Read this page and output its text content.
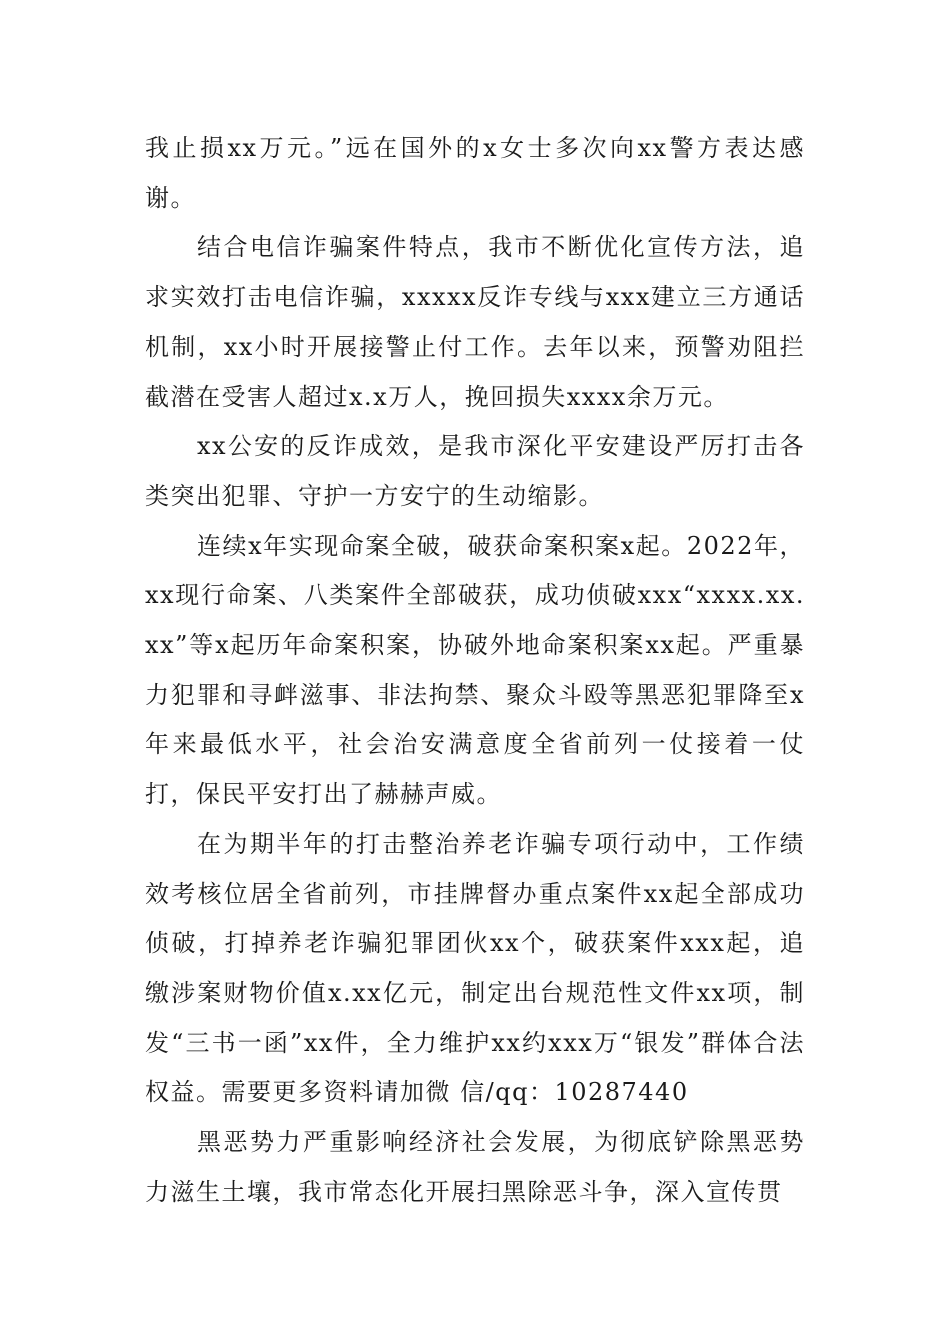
我止损xx万元。”远在国外的x女士多次向xx警方表达感谢。

结合电信诈骗案件特点，我市不断优化宣传方法，追求实效打击电信诈骗，xxxxx反诈专线与xxx建立三方通话机制，xx小时开展接警止付工作。去年以来，预警劝阻拦截潜在受害人超过x.x万人，挽回损失xxxx余万元。

xx公安的反诈成效，是我市深化平安建设严厉打击各类突出犯罪、守护一方安宁的生动缩影。

连续x年实现命案全破，破获命案积案x起。2022年，xx现行命案、八类案件全部破获，成功侦破xxx“xxxx.xx.xx”等x起历年命案积案，协破外地命案积案xx起。严重暴力犯罪和寻衅滋事、非法拘禁、聚众斗殴等黑恶犯罪降至x年来最低水平，社会治安满意度全省前列一仗接着一仗打，保民平安打出了赫赫声威。

在为期半年的打击整治养老诈骗专项行动中，工作绩效考核位居全省前列，市挂牌督办重点案件xx起全部成功侦破，打掉养老诈骗犯罪团伙xx个，破获案件xxx起，追缴涉案财物价值x.xx亿元，制定出台规范性文件xx项，制发“三书一函”xx件，全力维护xx约xxx万“银发”群体合法权益。需要更多资料请加微 信/qq：10287440

黑恶势力严重影响经济社会发展，为彻底铲除黑恶势力滋生土壤，我市常态化开展扫黑除恶斗争，深入宣传贯
